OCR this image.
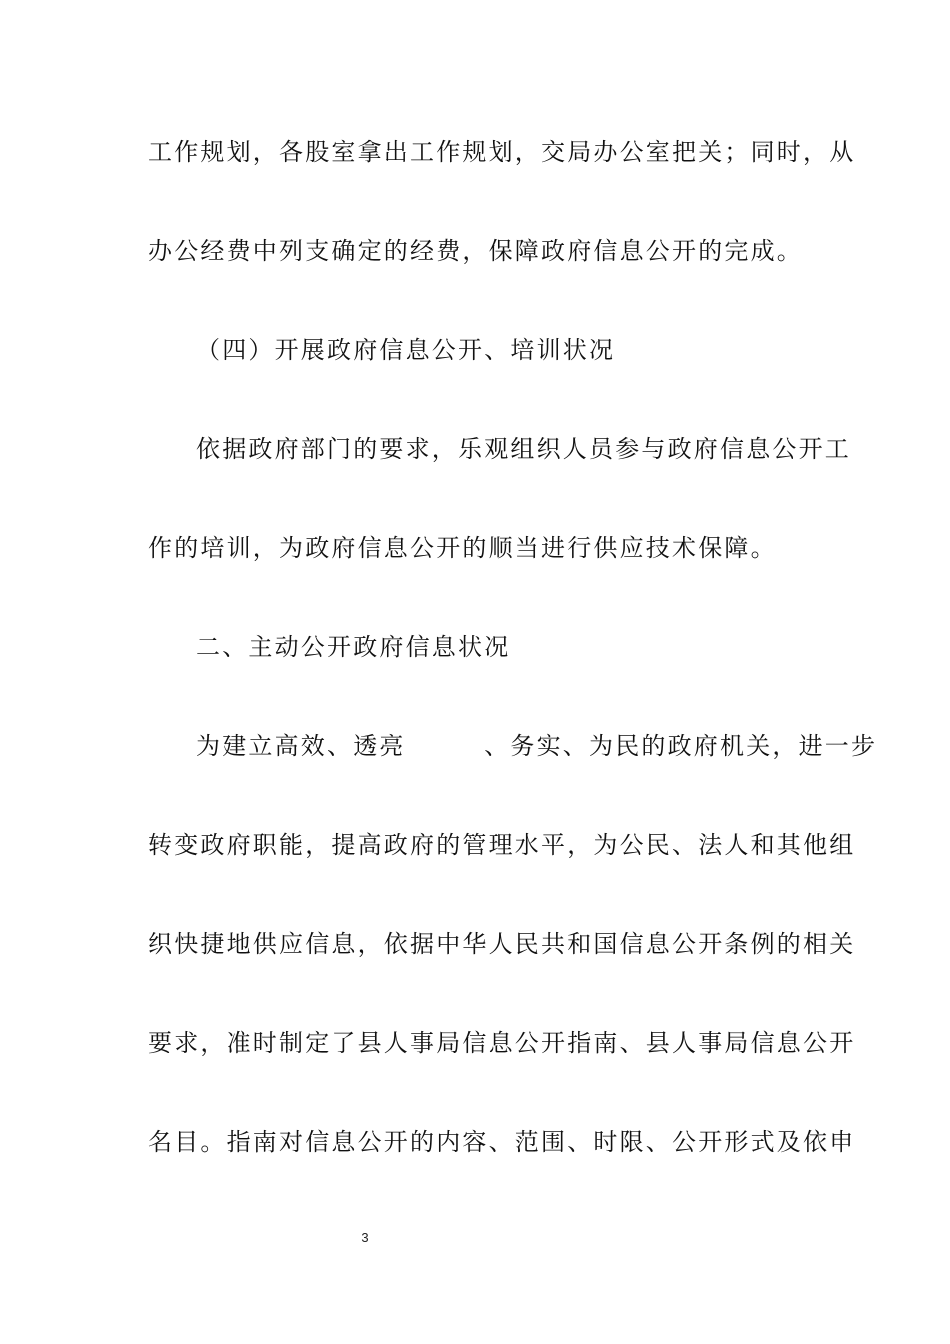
工作规划，各股室拿出工作规划，交局办公室把关；同时，从
办公经费中列支确定的经费，保障政府信息公开的完成。
（四）开展政府信息公开、培训状况
依据政府部门的要求，乐观组织人员参与政府信息公开工
作的培训，为政府信息公开的顺当进行供应技术保障。
二、主动公开政府信息状况
为建立高效、透亮　　　、务实、为民的政府机关，进一步
转变政府职能，提高政府的管理水平，为公民、法人和其他组
织快捷地供应信息，依据中华人民共和国信息公开条例的相关
要求，准时制定了县人事局信息公开指南、县人事局信息公开
名目。指南对信息公开的内容、范围、时限、公开形式及依申
3
